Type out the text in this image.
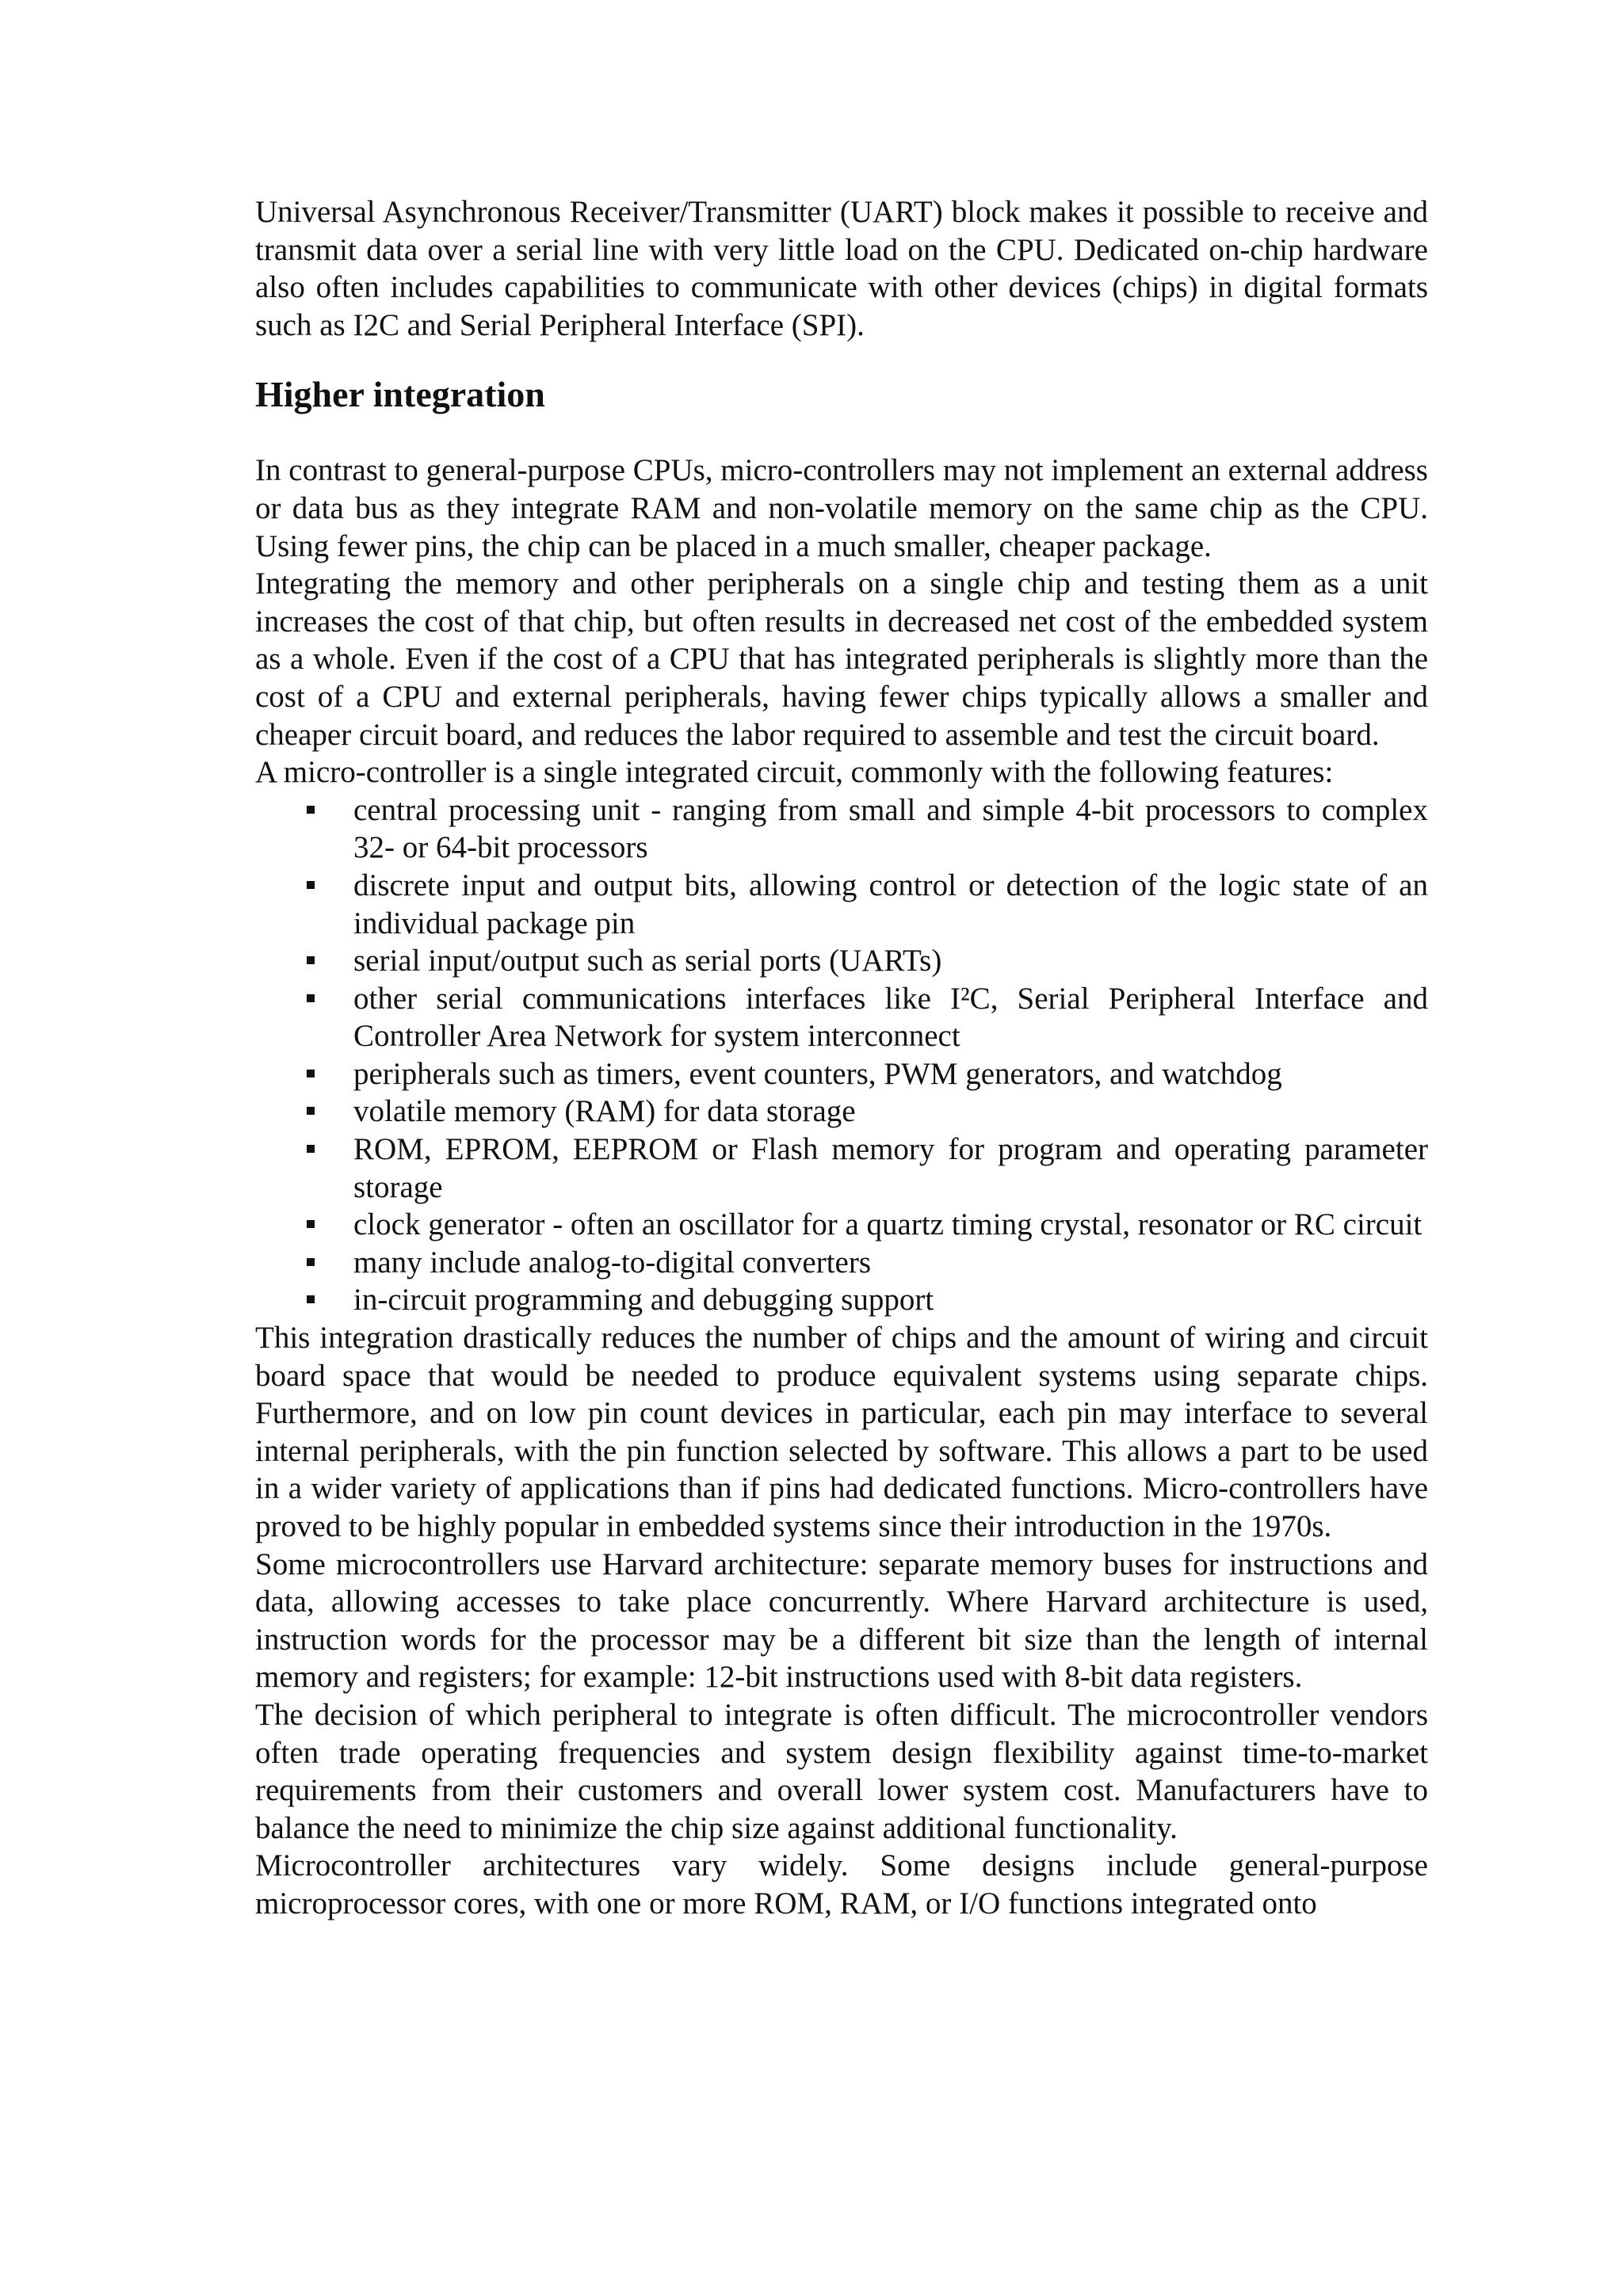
Universal Asynchronous Receiver/Transmitter (UART) block makes it possible to receive and transmit data over a serial line with very little load on the CPU. Dedicated on-chip hardware also often includes capabilities to communicate with other devices (chips) in digital formats such as I2C and Serial Peripheral Interface (SPI).

Higher integration

In contrast to general-purpose CPUs, micro-controllers may not implement an external address or data bus as they integrate RAM and non-volatile memory on the same chip as the CPU. Using fewer pins, the chip can be placed in a much smaller, cheaper package.

Integrating the memory and other peripherals on a single chip and testing them as a unit increases the cost of that chip, but often results in decreased net cost of the embedded system as a whole. Even if the cost of a CPU that has integrated peripherals is slightly more than the cost of a CPU and external peripherals, having fewer chips typically allows a smaller and cheaper circuit board, and reduces the labor required to assemble and test the circuit board.

A micro-controller is a single integrated circuit, commonly with the following features:

central processing unit - ranging from small and simple 4-bit processors to complex 32- or 64-bit processors
discrete input and output bits, allowing control or detection of the logic state of an individual package pin
serial input/output such as serial ports (UARTs)
other serial communications interfaces like I²C, Serial Peripheral Interface and Controller Area Network for system interconnect
peripherals such as timers, event counters, PWM generators, and watchdog
volatile memory (RAM) for data storage
ROM, EPROM, EEPROM or Flash memory for program and operating parameter storage
clock generator - often an oscillator for a quartz timing crystal, resonator or RC circuit
many include analog-to-digital converters
in-circuit programming and debugging support

This integration drastically reduces the number of chips and the amount of wiring and circuit board space that would be needed to produce equivalent systems using separate chips. Furthermore, and on low pin count devices in particular, each pin may interface to several internal peripherals, with the pin function selected by software. This allows a part to be used in a wider variety of applications than if pins had dedicated functions. Micro-controllers have proved to be highly popular in embedded systems since their introduction in the 1970s.

Some microcontrollers use Harvard architecture: separate memory buses for instructions and data, allowing accesses to take place concurrently. Where Harvard architecture is used, instruction words for the processor may be a different bit size than the length of internal memory and registers; for example: 12-bit instructions used with 8-bit data registers.

The decision of which peripheral to integrate is often difficult. The microcontroller vendors often trade operating frequencies and system design flexibility against time-to-market requirements from their customers and overall lower system cost. Manufacturers have to balance the need to minimize the chip size against additional functionality.

Microcontroller architectures vary widely. Some designs include general-purpose microprocessor cores, with one or more ROM, RAM, or I/O functions integrated onto
